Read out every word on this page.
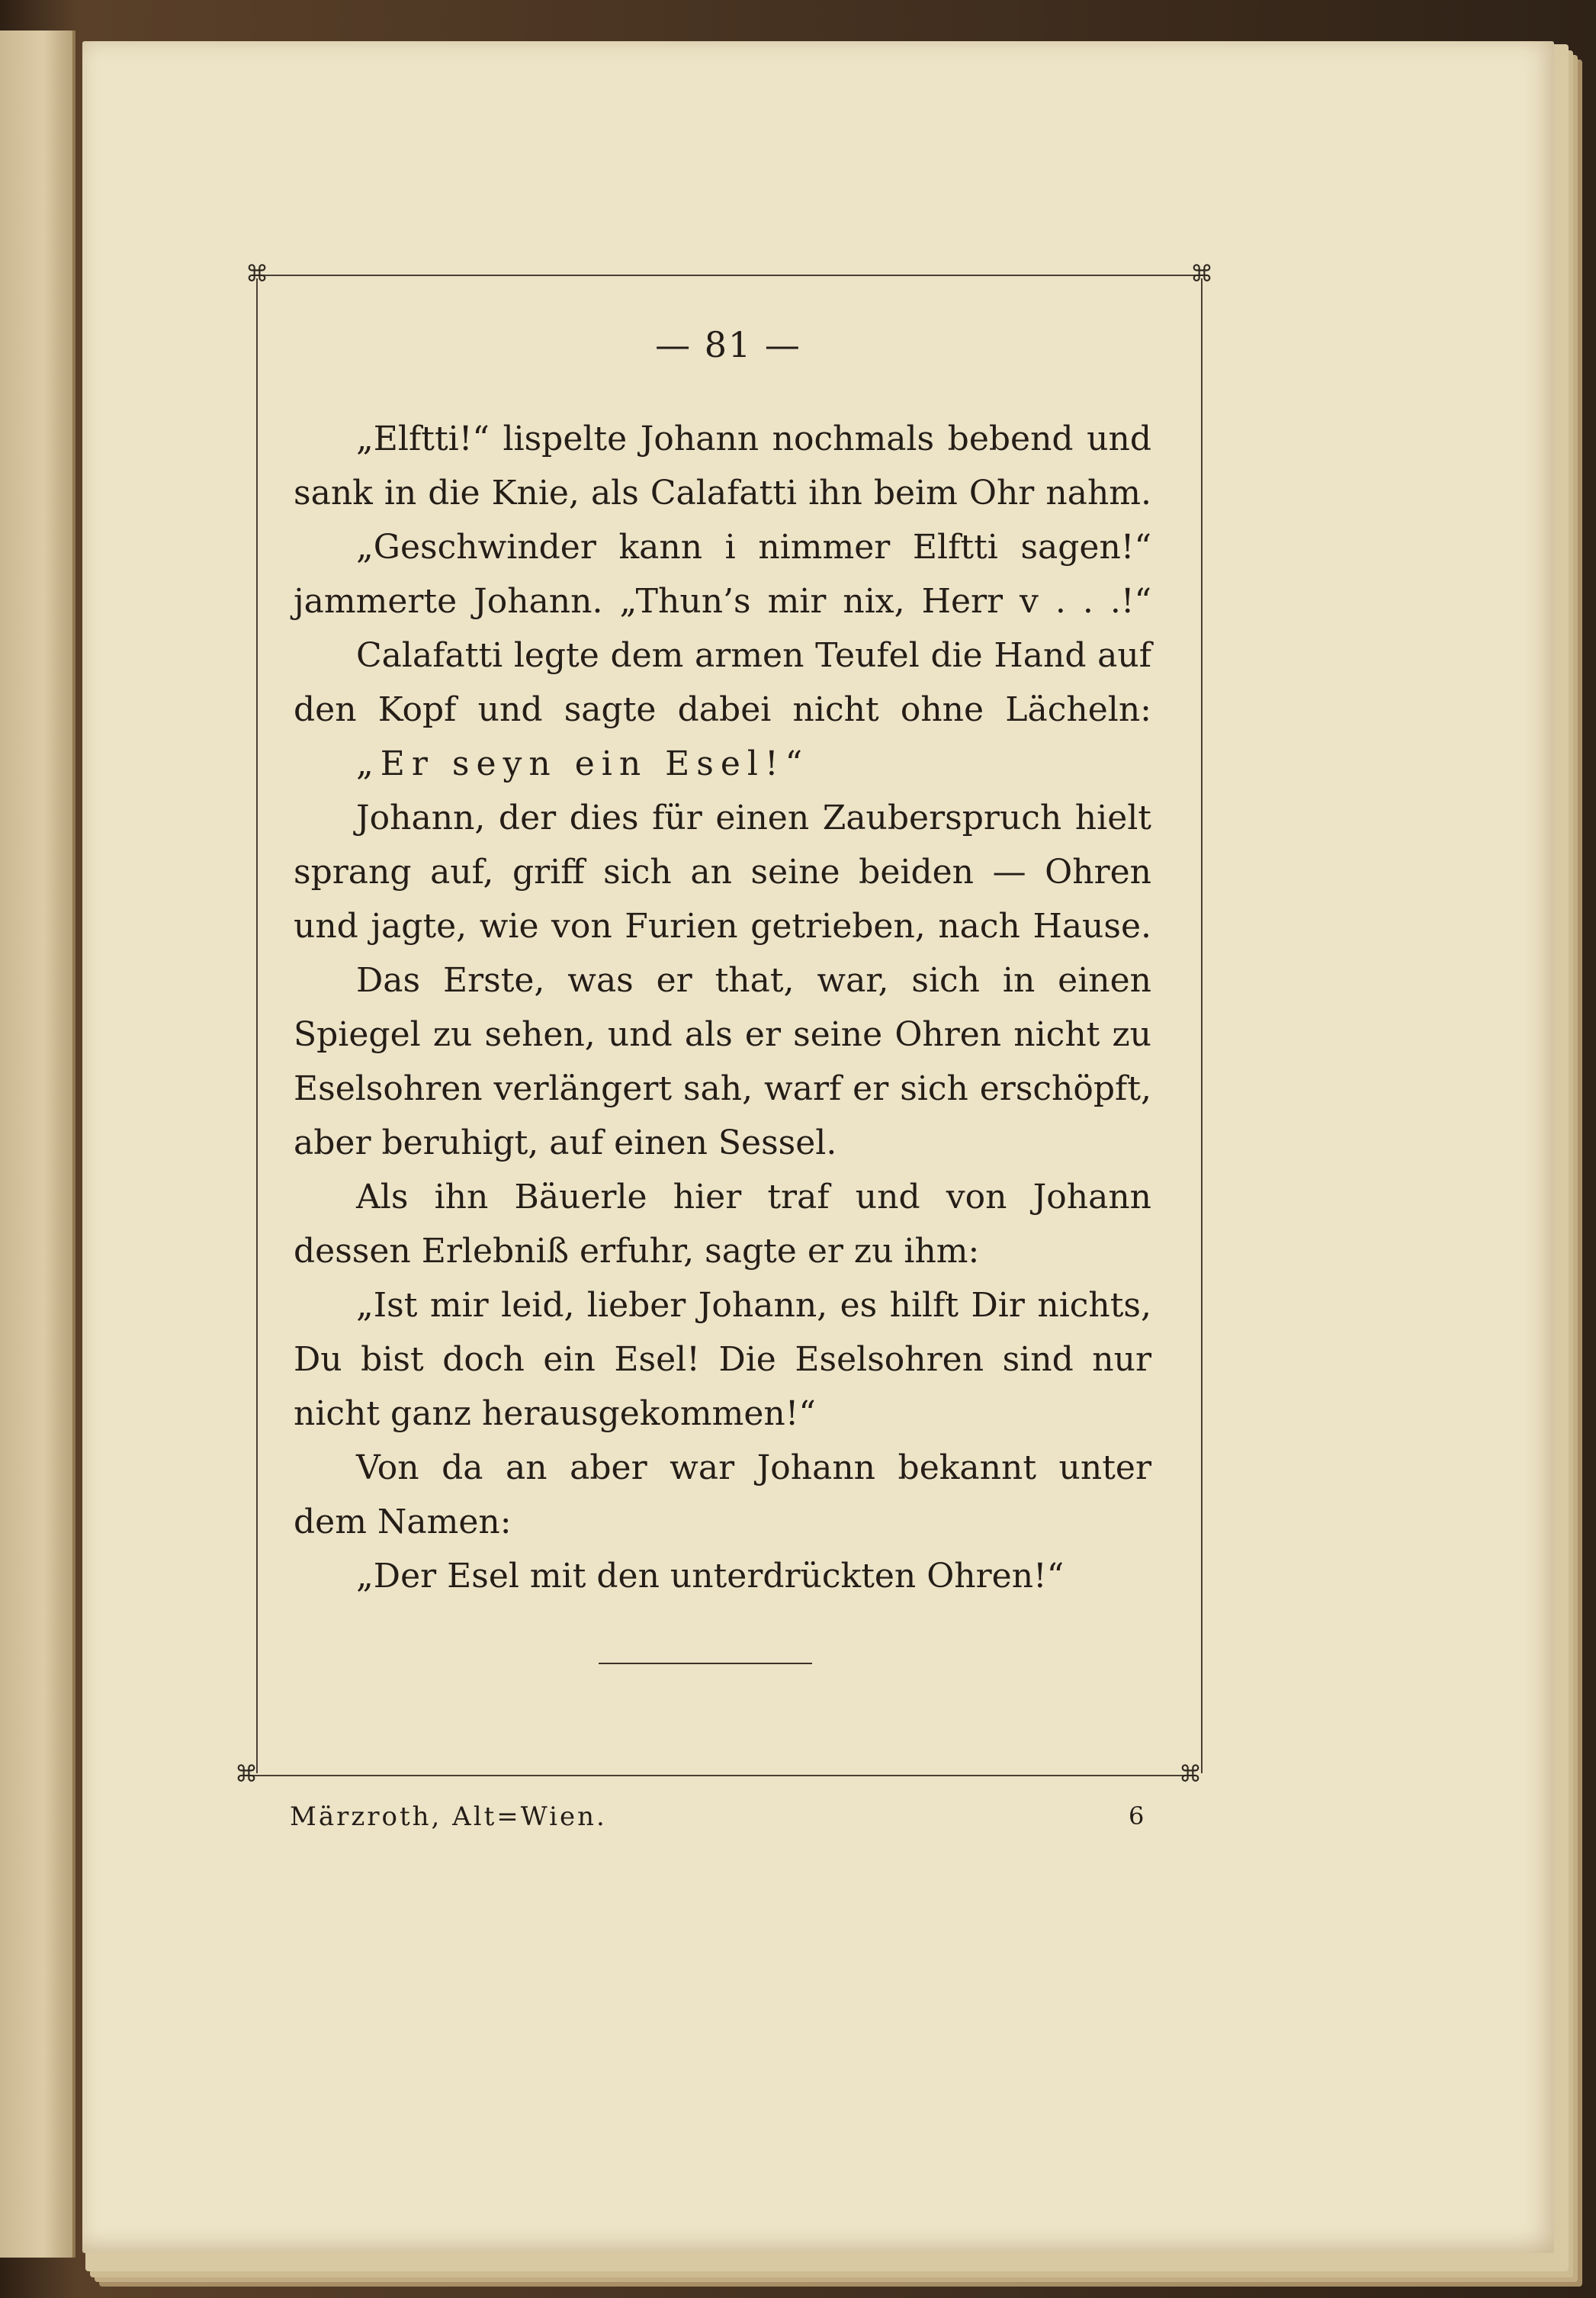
⌘	⌘
⌘	⌘
— 81 —
„Elftti!“ lispelte Johann nochmals bebend und
sank in die Knie, als Calafatti ihn beim Ohr nahm.
„Geschwinder kann i nimmer Elftti sagen!“
jammerte Johann. „Thun’s mir nix, Herr v . . .!“
Calafatti legte dem armen Teufel die Hand auf
den Kopf und sagte dabei nicht ohne Lächeln:
„Er seyn ein Esel!“
Johann, der dies für einen Zauberspruch hielt
sprang auf, griff sich an seine beiden — Ohren
und jagte, wie von Furien getrieben, nach Hause.
Das Erste, was er that, war, sich in einen
Spiegel zu sehen, und als er seine Ohren nicht zu
Eselsohren verlängert sah, warf er sich erschöpft,
aber beruhigt, auf einen Sessel.
Als ihn Bäuerle hier traf und von Johann
dessen Erlebniß erfuhr, sagte er zu ihm:
„Ist mir leid, lieber Johann, es hilft Dir nichts,
Du bist doch ein Esel! Die Eselsohren sind nur
nicht ganz herausgekommen!“
Von da an aber war Johann bekannt unter
dem Namen:
„Der Esel mit den unterdrückten Ohren!“
Märzroth, Alt=Wien.	6
